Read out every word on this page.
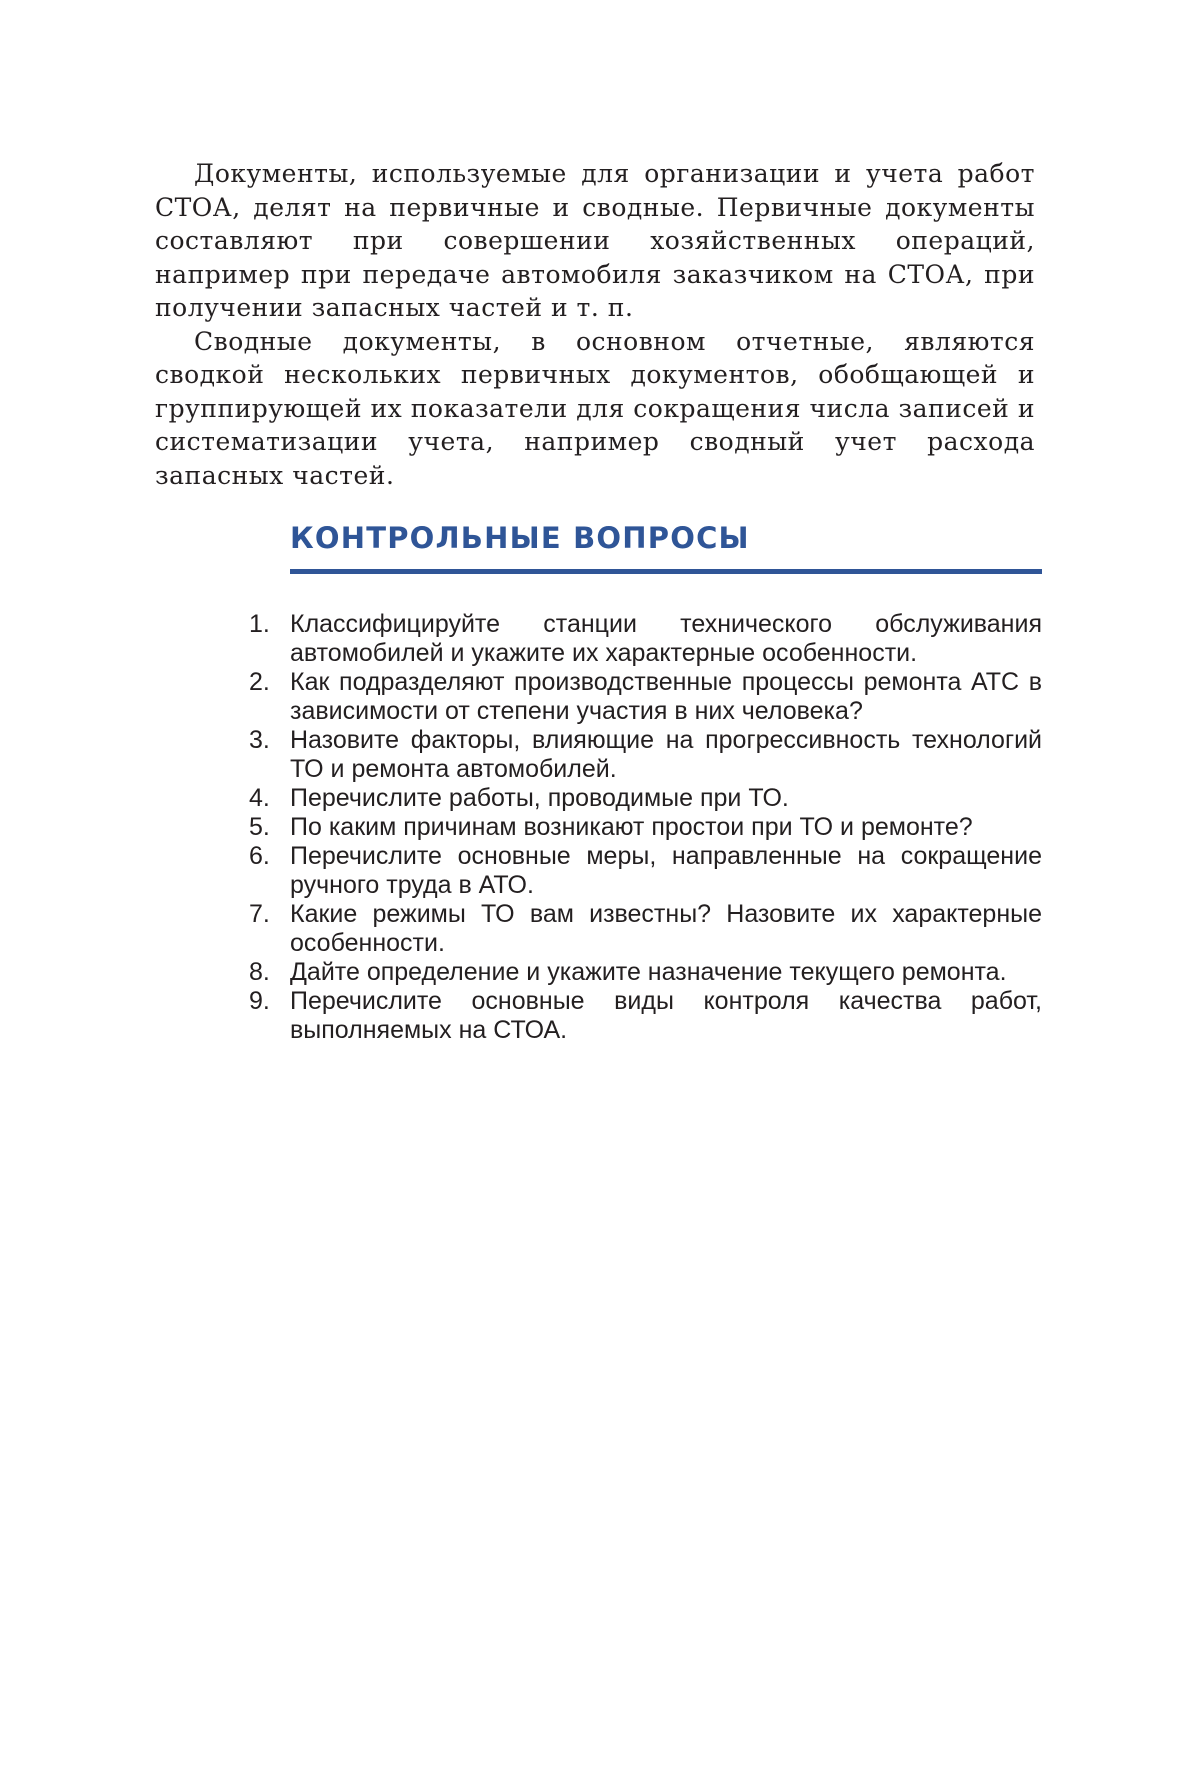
Документы, используемые для организации и учета работ СТОА, делят на первичные и сводные. Первичные документы составляют при совершении хозяйственных операций, например при передаче автомобиля заказчиком на СТОА, при получении запасных частей и т. п.

Сводные документы, в основном отчетные, являются сводкой нескольких первичных документов, обобщающей и группирующей их показатели для сокращения числа записей и систематизации учета, например сводный учет расхода запасных частей.

КОНТРОЛЬНЫЕ ВОПРОСЫ
1. Классифицируйте станции технического обслуживания автомобилей и укажите их характерные особенности.
2. Как подразделяют производственные процессы ремонта АТС в зависимости от степени участия в них человека?
3. Назовите факторы, влияющие на прогрессивность технологий ТО и ремонта автомобилей.
4. Перечислите работы, проводимые при ТО.
5. По каким причинам возникают простои при ТО и ремонте?
6. Перечислите основные меры, направленные на сокращение ручного труда в АТО.
7. Какие режимы ТО вам известны? Назовите их характерные особенности.
8. Дайте определение и укажите назначение текущего ремонта.
9. Перечислите основные виды контроля качества работ, выполняемых на СТОА.
